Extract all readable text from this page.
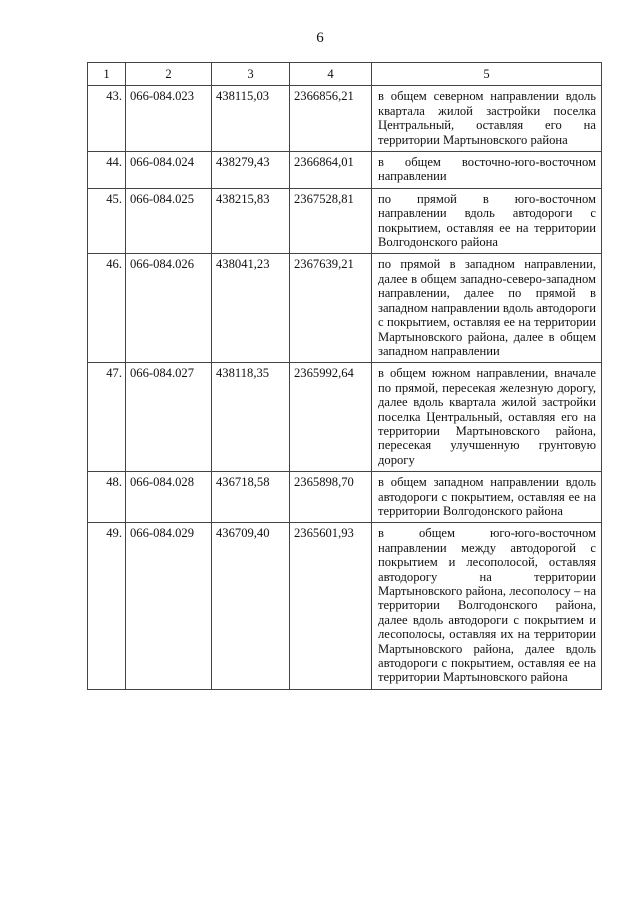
6
1	2	3	4	5
43.	066-084.023	438115,03	2366856,21	в общем северном направлении вдоль квартала жилой застройки поселка Центральный, оставляя его на территории Мартыновского района
44.	066-084.024	438279,43	2366864,01	в общем восточно-юго-восточном направлении
45.	066-084.025	438215,83	2367528,81	по прямой в юго-восточном направлении вдоль автодороги с покрытием, оставляя ее на территории Волгодонского района
46.	066-084.026	438041,23	2367639,21	по прямой в западном направлении, далее в общем западно-северо-западном направлении, далее по прямой в западном направлении вдоль автодороги с покрытием, оставляя ее на территории Мартыновского района, далее в общем западном направлении
47.	066-084.027	438118,35	2365992,64	в общем южном направлении, вначале по прямой, пересекая железную дорогу, далее вдоль квартала жилой застройки поселка Центральный, оставляя его на территории Мартыновского района, пересекая улучшенную грунтовую дорогу
48.	066-084.028	436718,58	2365898,70	в общем западном направлении вдоль автодороги с покрытием, оставляя ее на территории Волгодонского района
49.	066-084.029	436709,40	2365601,93	в общем юго-юго-восточном направлении между автодорогой с покрытием и лесополосой, оставляя автодорогу на территории Мартыновского района, лесополосу – на территории Волгодонского района, далее вдоль автодороги с покрытием и лесополосы, оставляя их на территории Мартыновского района, далее вдоль автодороги с покрытием, оставляя ее на территории Мартыновского района
